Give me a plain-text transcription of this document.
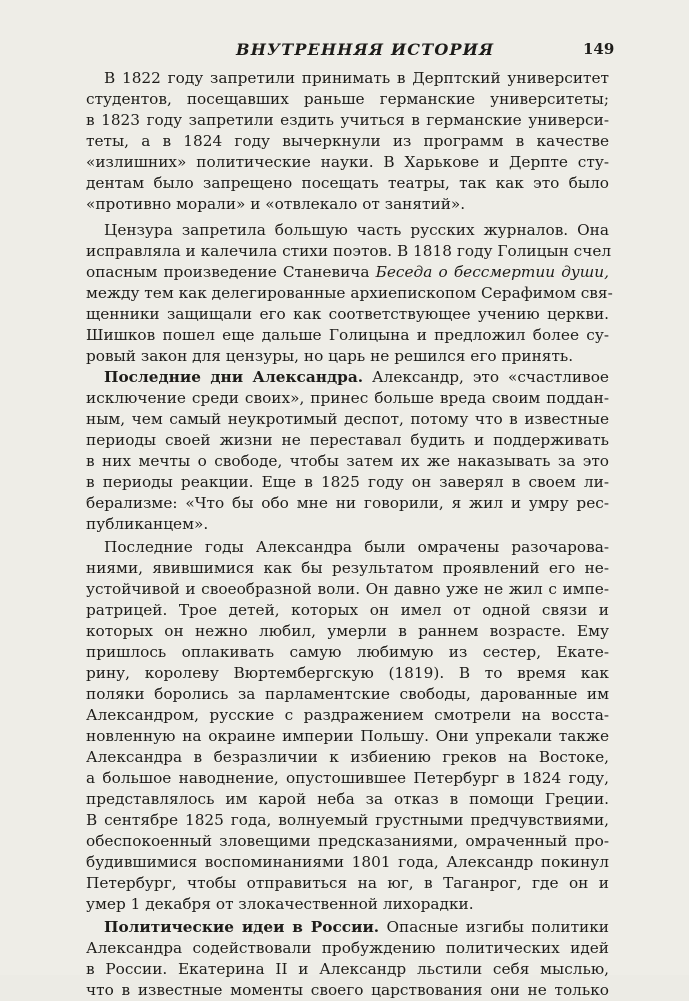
ВНУТРЕННЯЯ ИСТОРИЯ	149
В 1822 году запретили принимать в Дерптский университет
студентов, посещавших раньше германские университеты;
в 1823 году запретили ездить учиться в германские универси-
теты, а в 1824 году вычеркнули из программ в качестве
«излишних» политические науки. В Харькове и Дерпте сту-
дентам было запрещено посещать театры, так как это было
«противно морали» и «отвлекало от занятий».
Цензура запретила большую часть русских журналов. Она
исправляла и калечила стихи поэтов. В 1818 году Голицын счел
опасным произведение Станевича Беседа о бессмертии души,
между тем как делегированные архиепископом Серафимом свя-
щенники защищали его как соответствующее учению церкви.
Шишков пошел еще дальше Голицына и предложил более су-
ровый закон для цензуры, но царь не решился его принять.
Последние дни Александра. Александр, это «счастливое
исключение среди своих», принес больше вреда своим поддан-
ным, чем самый неукротимый деспот, потому что в известные
периоды своей жизни не переставал будить и поддерживать
в них мечты о свободе, чтобы затем их же наказывать за это
в периоды реакции. Еще в 1825 году он заверял в своем ли-
берализме: «Что бы обо мне ни говорили, я жил и умру рес-
публиканцем».
Последние годы Александра были омрачены разочарова-
ниями, явившимися как бы результатом проявлений его не-
устойчивой и своеобразной воли. Он давно уже не жил с импе-
ратрицей. Трое детей, которых он имел от одной связи и
которых он нежно любил, умерли в раннем возрасте. Ему
пришлось оплакивать самую любимую из сестер, Екате-
рину, королеву Вюртембергскую (1819). В то время как
поляки боролись за парламентские свободы, дарованные им
Александром, русские с раздражением смотрели на восста-
новленную на окраине империи Польшу. Они упрекали также
Александра в безразличии к избиению греков на Востоке,
а большое наводнение, опустошившее Петербург в 1824 году,
представлялось им карой неба за отказ в помощи Греции.
В сентябре 1825 года, волнуемый грустными предчувствиями,
обеспокоенный зловещими предсказаниями, омраченный про-
будившимися воспоминаниями 1801 года, Александр покинул
Петербург, чтобы отправиться на юг, в Таганрог, где он и
умер 1 декабря от злокачественной лихорадки.
Политические идеи в России. Опасные изгибы политики
Александра содействовали пробуждению политических идей
в России. Екатерина II и Александр льстили себя мыслью,
что в известные моменты своего царствования они не только
